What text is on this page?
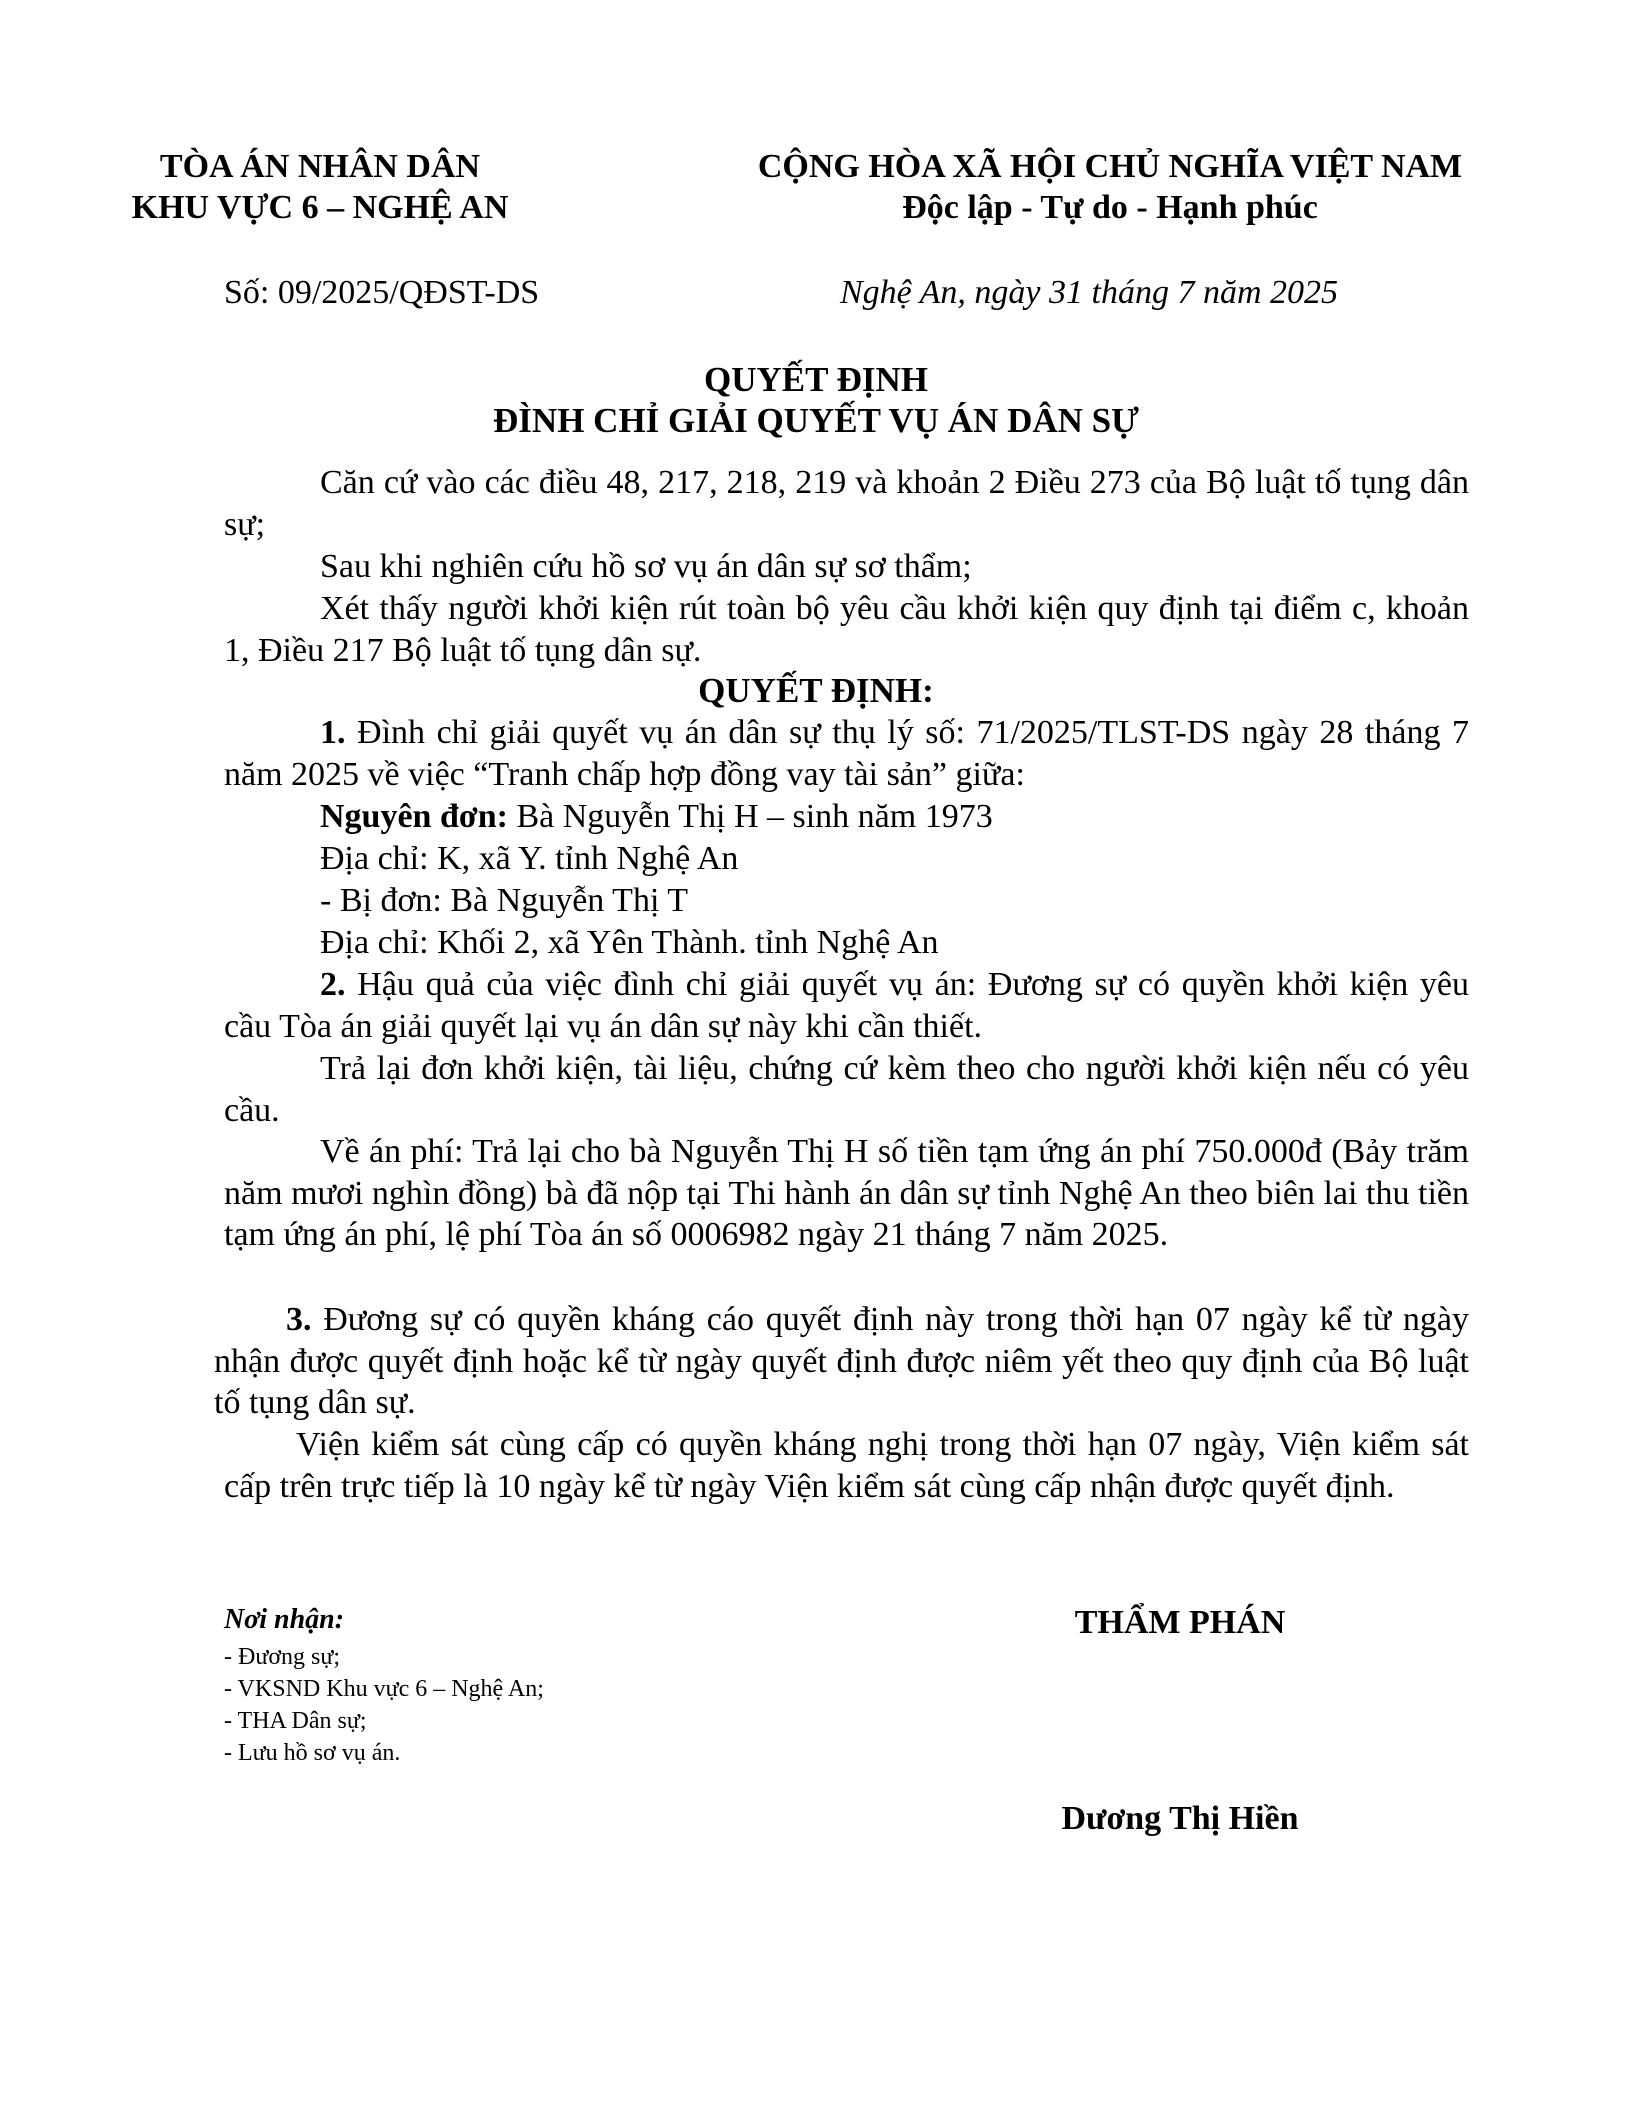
TÒA ÁN NHÂN DÂN
KHU VỰC 6 – NGHỆ AN
CỘNG HÒA XÃ HỘI CHỦ NGHĨA VIỆT NAM
Độc lập - Tự do - Hạnh phúc
Số: 09/2025/QĐST-DS	Nghệ An, ngày 31 tháng 7 năm 2025
QUYẾT ĐỊNH
ĐÌNH CHỈ GIẢI QUYẾT VỤ ÁN DÂN SỰ
Căn cứ vào các điều 48, 217, 218, 219 và khoản 2 Điều 273 của Bộ luật tố tụng dân sự;
Sau khi nghiên cứu hồ sơ vụ án dân sự sơ thẩm;
Xét thấy người khởi kiện rút toàn bộ yêu cầu khởi kiện quy định tại điểm c, khoản 1, Điều 217 Bộ luật tố tụng dân sự.
QUYẾT ĐỊNH:
1. Đình chỉ giải quyết vụ án dân sự thụ lý số: 71/2025/TLST-DS ngày 28 tháng 7 năm 2025 về việc “Tranh chấp hợp đồng vay tài sản” giữa:
Nguyên đơn: Bà Nguyễn Thị H – sinh năm 1973
Địa chỉ: K, xã Y. tỉnh Nghệ An
- Bị đơn: Bà Nguyễn Thị T
Địa chỉ: Khối 2, xã Yên Thành. tỉnh Nghệ An
2. Hậu quả của việc đình chỉ giải quyết vụ án: Đương sự có quyền khởi kiện yêu cầu Tòa án giải quyết lại vụ án dân sự này khi cần thiết.
Trả lại đơn khởi kiện, tài liệu, chứng cứ kèm theo cho người khởi kiện nếu có yêu cầu.
Về án phí: Trả lại cho bà Nguyễn Thị H số tiền tạm ứng án phí 750.000đ (Bảy trăm năm mươi nghìn đồng) bà đã nộp tại Thi hành án dân sự tỉnh Nghệ An theo biên lai thu tiền tạm ứng án phí, lệ phí Tòa án số 0006982 ngày 21 tháng 7 năm 2025.
3. Đương sự có quyền kháng cáo quyết định này trong thời hạn 07 ngày kể từ ngày nhận được quyết định hoặc kể từ ngày quyết định được niêm yết theo quy định của Bộ luật tố tụng dân sự.
Viện kiểm sát cùng cấp có quyền kháng nghị trong thời hạn 07 ngày, Viện kiểm sát cấp trên trực tiếp là 10 ngày kể từ ngày Viện kiểm sát cùng cấp nhận được quyết định.
Nơi nhận:
- Đương sự;
- VKSND Khu vực 6 – Nghệ An;
- THA Dân sự;
- Lưu hồ sơ vụ án.
THẨM PHÁN
Dương Thị Hiền
